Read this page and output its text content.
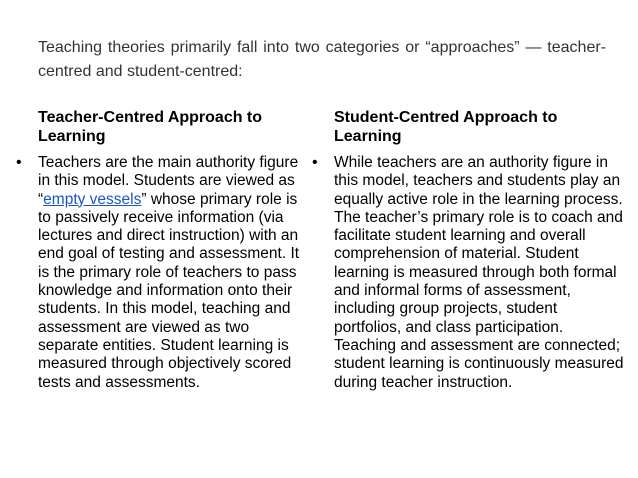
Teaching theories primarily fall into two categories or “approaches” — teacher-centred and student-centred:

Teacher-Centred Approach to Learning
•	Teachers are the main authority figure in this model. Students are viewed as “empty vessels” whose primary role is to passively receive information (via lectures and direct instruction) with an end goal of testing and assessment. It is the primary role of teachers to pass knowledge and information onto their students. In this model, teaching and assessment are viewed as two separate entities. Student learning is measured through objectively scored tests and assessments.
Student-Centred Approach to Learning
•	While teachers are an authority figure in this model, teachers and students play an equally active role in the learning process. The teacher’s primary role is to coach and facilitate student learning and overall comprehension of material. Student learning is measured through both formal and informal forms of assessment, including group projects, student portfolios, and class participation. Teaching and assessment are connected; student learning is continuously measured during teacher instruction.
